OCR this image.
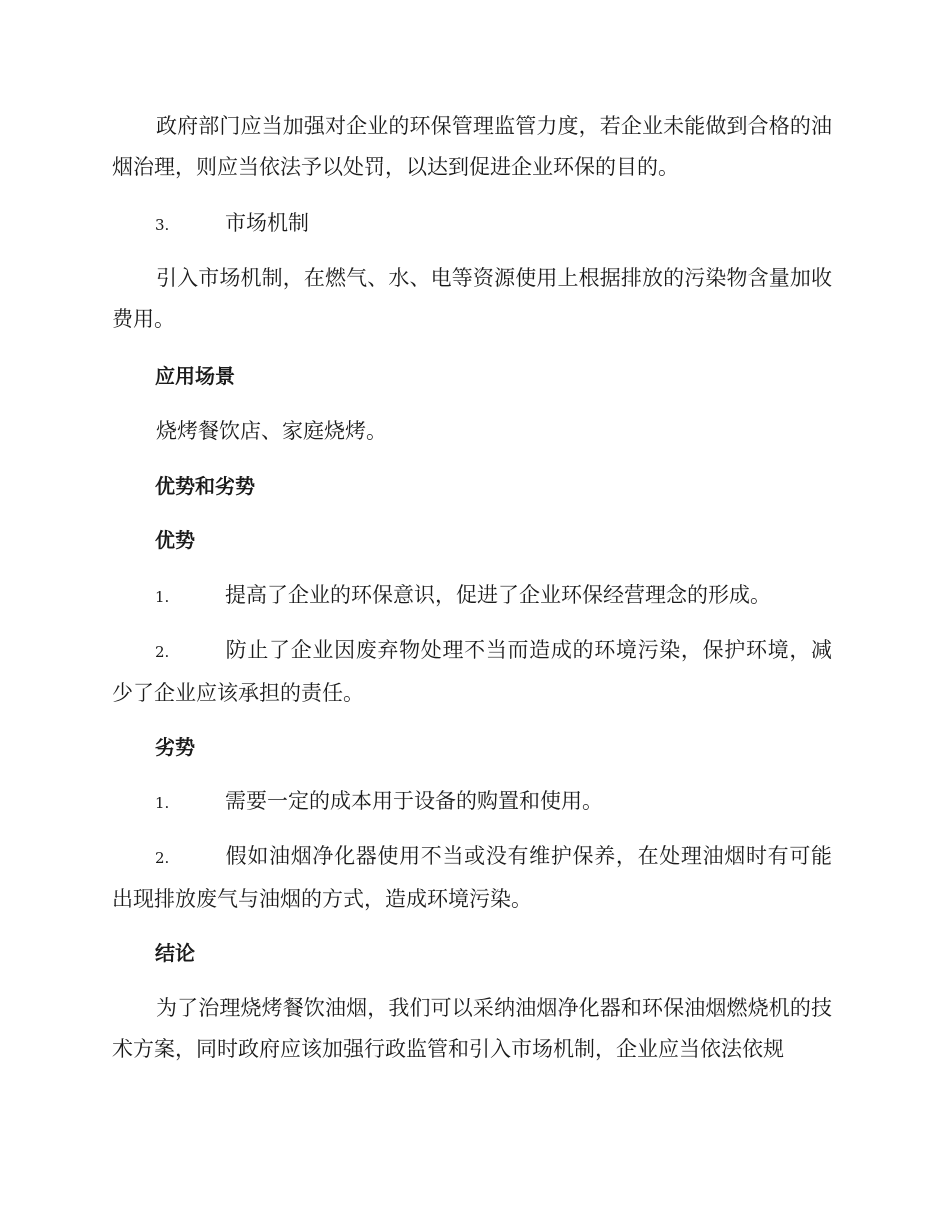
政府部门应当加强对企业的环保管理监管力度，若企业未能做到合格的油烟治理，则应当依法予以处罚，以达到促进企业环保的目的。

3.	市场机制

引入市场机制，在燃气、水、电等资源使用上根据排放的污染物含量加收费用。

应用场景

烧烤餐饮店、家庭烧烤。

优势和劣势

优势

1.	提高了企业的环保意识，促进了企业环保经营理念的形成。

2.	防止了企业因废弃物处理不当而造成的环境污染，保护环境，减少了企业应该承担的责任。

劣势

1.	需要一定的成本用于设备的购置和使用。

2.	假如油烟净化器使用不当或没有维护保养，在处理油烟时有可能出现排放废气与油烟的方式，造成环境污染。

结论

为了治理烧烤餐饮油烟，我们可以采纳油烟净化器和环保油烟燃烧机的技术方案，同时政府应该加强行政监管和引入市场机制，企业应当依法依规
